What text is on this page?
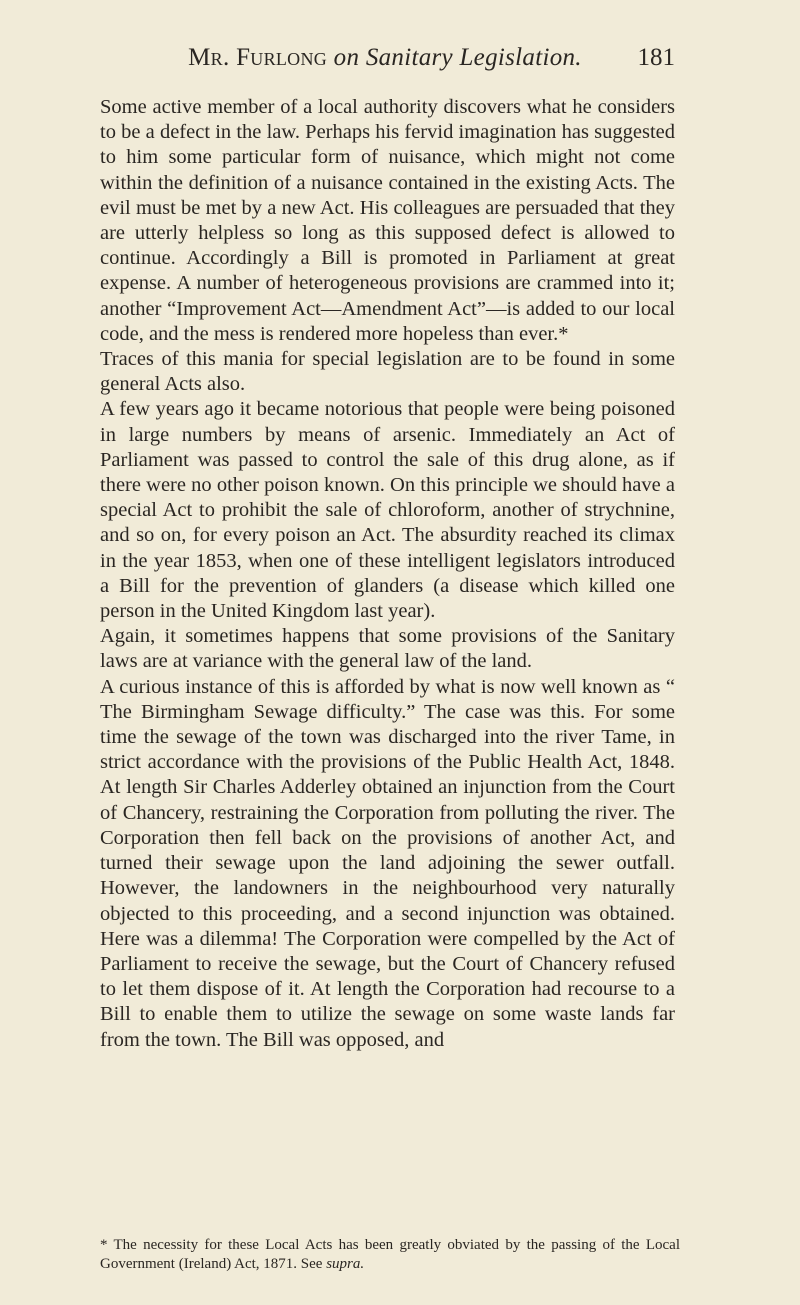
Mr. Furlong on Sanitary Legislation.	181

Some active member of a local authority discovers what he considers to be a defect in the law. Perhaps his fervid imagination has suggested to him some particular form of nuisance, which might not come within the definition of a nuisance contained in the existing Acts. The evil must be met by a new Act. His colleagues are persuaded that they are utterly helpless so long as this supposed defect is allowed to continue. Accordingly a Bill is promoted in Parliament at great expense. A number of heterogeneous provisions are crammed into it; another “Improvement Act—Amendment Act”—is added to our local code, and the mess is rendered more hopeless than ever.*

Traces of this mania for special legislation are to be found in some general Acts also.

A few years ago it became notorious that people were being poisoned in large numbers by means of arsenic. Immediately an Act of Parliament was passed to control the sale of this drug alone, as if there were no other poison known. On this principle we should have a special Act to prohibit the sale of chloroform, another of strychnine, and so on, for every poison an Act. The absurdity reached its climax in the year 1853, when one of these intelligent legislators introduced a Bill for the prevention of glanders (a disease which killed one person in the United Kingdom last year).

Again, it sometimes happens that some provisions of the Sanitary laws are at variance with the general law of the land.

A curious instance of this is afforded by what is now well known as “ The Birmingham Sewage difficulty.” The case was this. For some time the sewage of the town was discharged into the river Tame, in strict accordance with the provisions of the Public Health Act, 1848. At length Sir Charles Adderley obtained an injunction from the Court of Chancery, restraining the Corporation from polluting the river. The Corporation then fell back on the provisions of another Act, and turned their sewage upon the land adjoining the sewer outfall. However, the landowners in the neighbourhood very naturally objected to this proceeding, and a second injunction was obtained. Here was a dilemma! The Corporation were compelled by the Act of Parliament to receive the sewage, but the Court of Chancery refused to let them dispose of it. At length the Corporation had recourse to a Bill to enable them to utilize the sewage on some waste lands far from the town. The Bill was opposed, and

* The necessity for these Local Acts has been greatly obviated by the passing of the Local Government (Ireland) Act, 1871. See supra.
